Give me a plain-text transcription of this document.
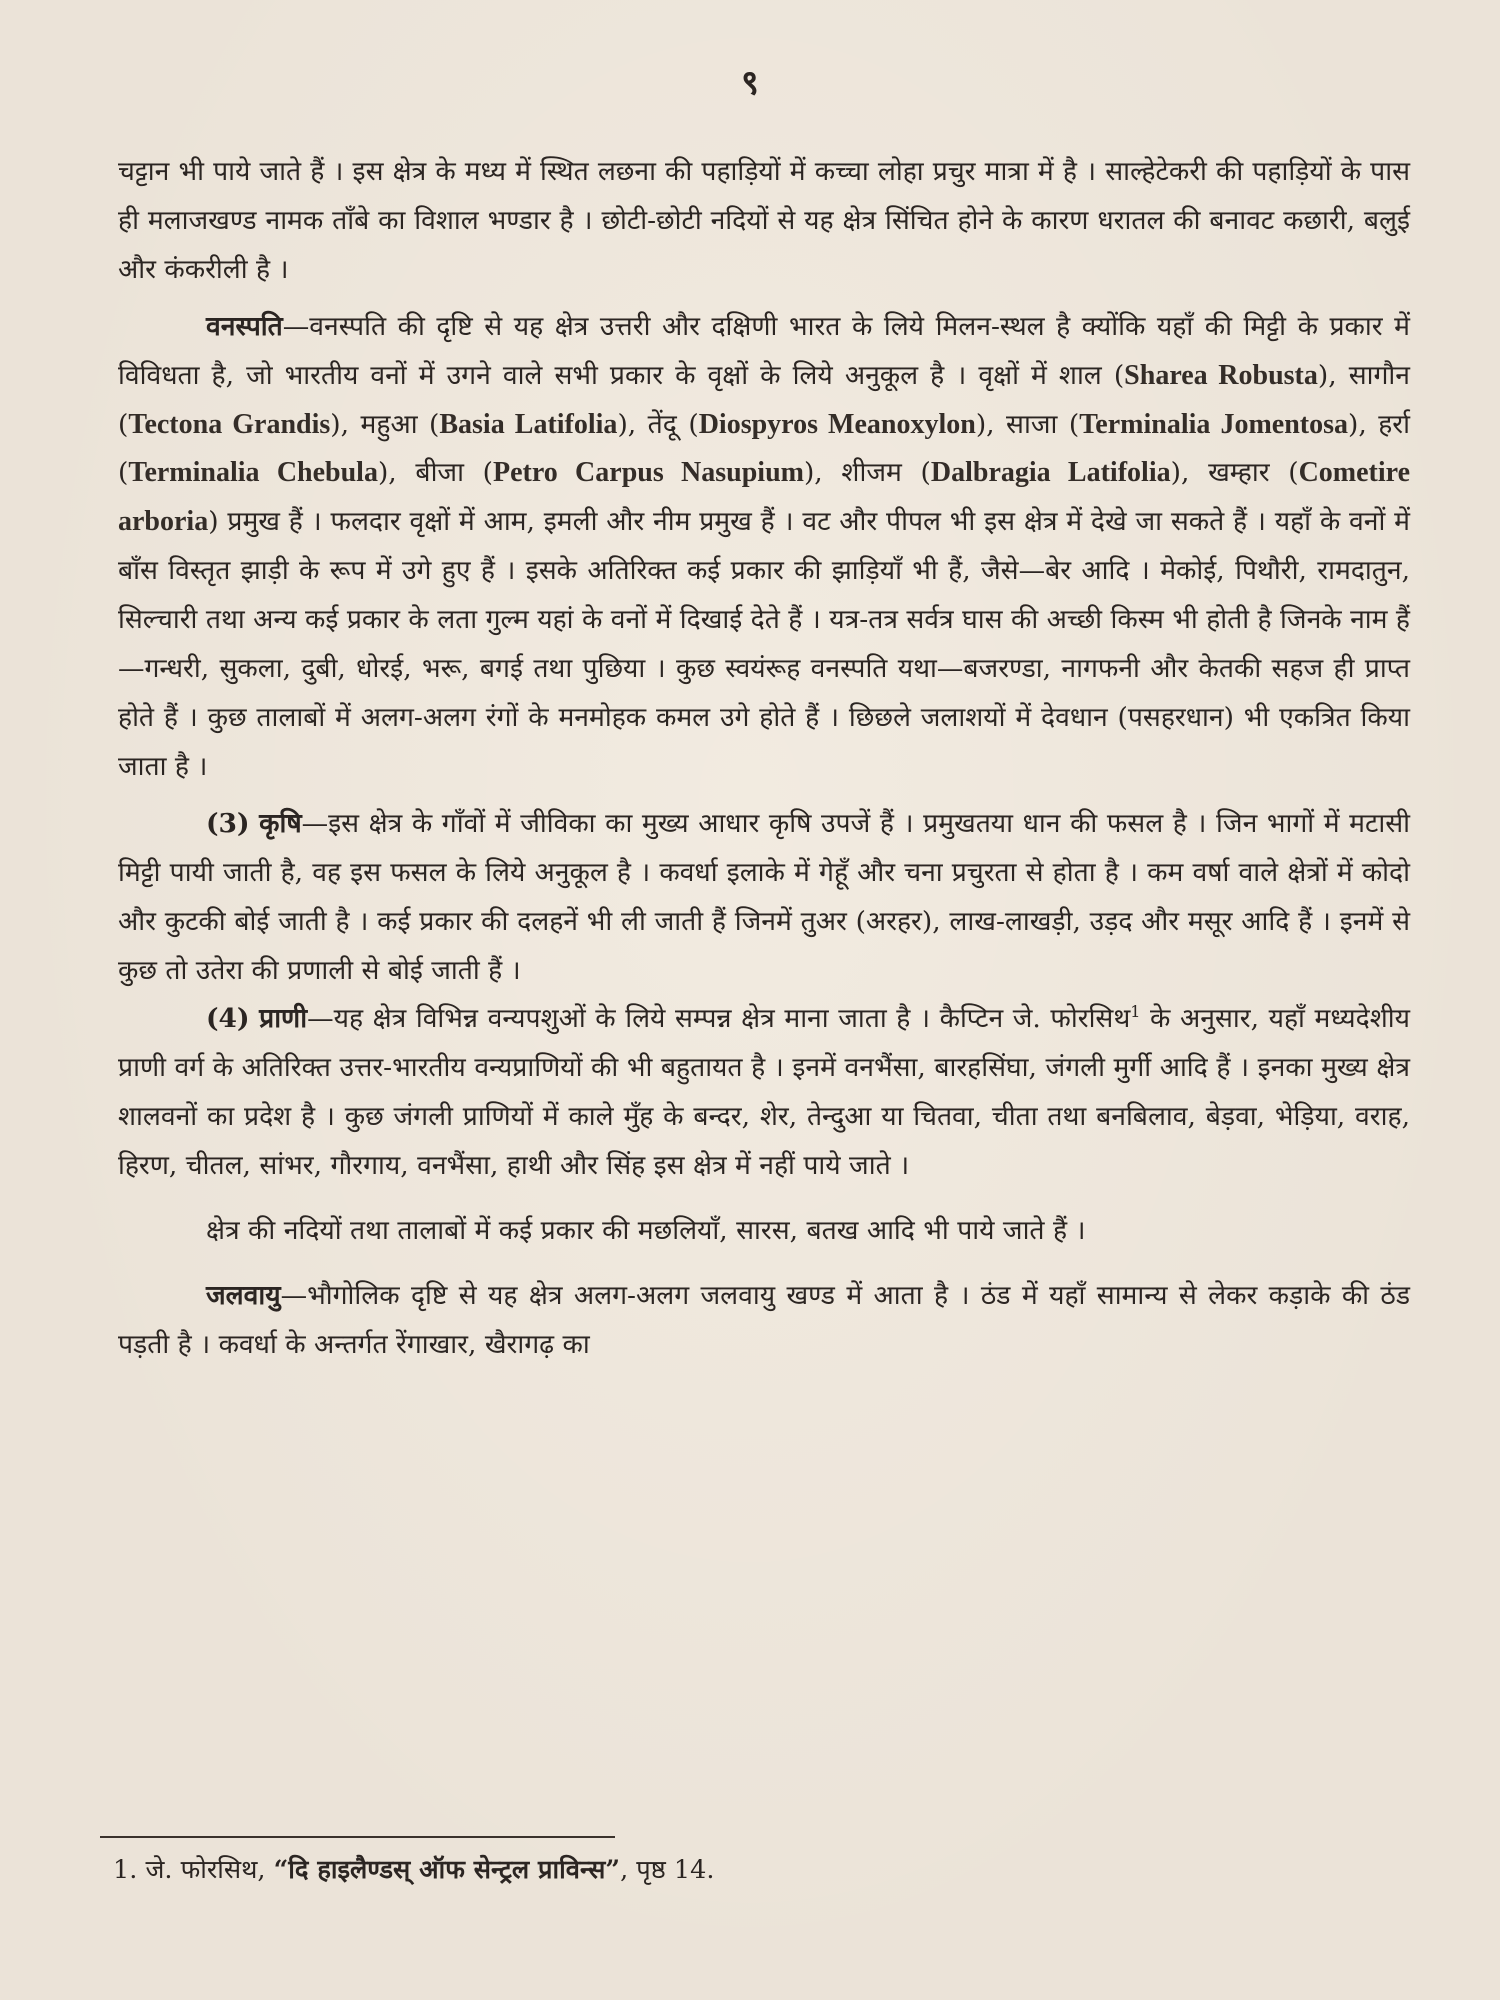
९

चट्टान भी पाये जाते हैं । इस क्षेत्र के मध्य में स्थित लछना की पहाड़ियों में कच्चा लोहा प्रचुर मात्रा में है । साल्हेटेकरी की पहाड़ियों के पास ही मलाजखण्ड नामक ताँबे का विशाल भण्डार है । छोटी-छोटी नदियों से यह क्षेत्र सिंचित होने के कारण धरातल की बनावट कछारी, बलुई और कंकरीली है ।

वनस्पति—वनस्पति की दृष्टि से यह क्षेत्र उत्तरी और दक्षिणी भारत के लिये मिलन-स्थल है क्योंकि यहाँ की मिट्टी के प्रकार में विविधता है, जो भारतीय वनों में उगने वाले सभी प्रकार के वृक्षों के लिये अनुकूल है । वृक्षों में शाल (Sharea Robusta), सागौन (Tectona Grandis), महुआ (Basia Latifolia), तेंदू (Diospyros Meanoxylon), साजा (Terminalia Jomentosa), हर्रा (Terminalia Chebula), बीजा (Petro Carpus Nasupium), शीजम (Dalbragia Latifolia), खम्हार (Cometire arboria) प्रमुख हैं । फलदार वृक्षों में आम, इमली और नीम प्रमुख हैं । वट और पीपल भी इस क्षेत्र में देखे जा सकते हैं । यहाँ के वनों में बाँस विस्तृत झाड़ी के रूप में उगे हुए हैं । इसके अतिरिक्त कई प्रकार की झाड़ियाँ भी हैं, जैसे—बेर आदि । मेकोई, पिथौरी, रामदातुन, सिल्चारी तथा अन्य कई प्रकार के लता गुल्म यहां के वनों में दिखाई देते हैं । यत्र-तत्र सर्वत्र घास की अच्छी किस्म भी होती है जिनके नाम हैं—गन्धरी, सुकला, दुबी, धोरई, भरू, बगई तथा पुछिया । कुछ स्वयंरूह वनस्पति यथा—बजरण्डा, नागफनी और केतकी सहज ही प्राप्त होते हैं । कुछ तालाबों में अलग-अलग रंगों के मनमोहक कमल उगे होते हैं । छिछले जलाशयों में देवधान (पसहरधान) भी एकत्रित किया जाता है ।

(3) कृषि—इस क्षेत्र के गाँवों में जीविका का मुख्य आधार कृषि उपजें हैं । प्रमुखतया धान की फसल है । जिन भागों में मटासी मिट्टी पायी जाती है, वह इस फसल के लिये अनुकूल है । कवर्धा इलाके में गेहूँ और चना प्रचुरता से होता है । कम वर्षा वाले क्षेत्रों में कोदो और कुटकी बोई जाती है । कई प्रकार की दलहनें भी ली जाती हैं जिनमें तुअर (अरहर), लाख-लाखड़ी, उड़द और मसूर आदि हैं । इनमें से कुछ तो उतेरा की प्रणाली से बोई जाती हैं ।

(4) प्राणी—यह क्षेत्र विभिन्न वन्यपशुओं के लिये सम्पन्न क्षेत्र माना जाता है । कैप्टिन जे. फोरसिथ$^1$ के अनुसार, यहाँ मध्यदेशीय प्राणी वर्ग के अतिरिक्त उत्तर-भारतीय वन्यप्राणियों की भी बहुतायत है । इनमें वनभैंसा, बारहसिंघा, जंगली मुर्गी आदि हैं । इनका मुख्य क्षेत्र शालवनों का प्रदेश है । कुछ जंगली प्राणियों में काले मुँह के बन्दर, शेर, तेन्दुआ या चितवा, चीता तथा बनबिलाव, बेड़वा, भेड़िया, वराह, हिरण, चीतल, सांभर, गौरगाय, वनभैंसा, हाथी और सिंह इस क्षेत्र में नहीं पाये जाते ।

क्षेत्र की नदियों तथा तालाबों में कई प्रकार की मछलियाँ, सारस, बतख आदि भी पाये जाते हैं ।

जलवायु—भौगोलिक दृष्टि से यह क्षेत्र अलग-अलग जलवायु खण्ड में आता है । ठंड में यहाँ सामान्य से लेकर कड़ाके की ठंड पड़ती है । कवर्धा के अन्तर्गत रेंगाखार, खैरागढ़ का

1. जे. फोरसिथ, “दि हाइलैण्डस् ऑफ सेन्ट्रल प्राविन्स”, पृष्ठ 14.
